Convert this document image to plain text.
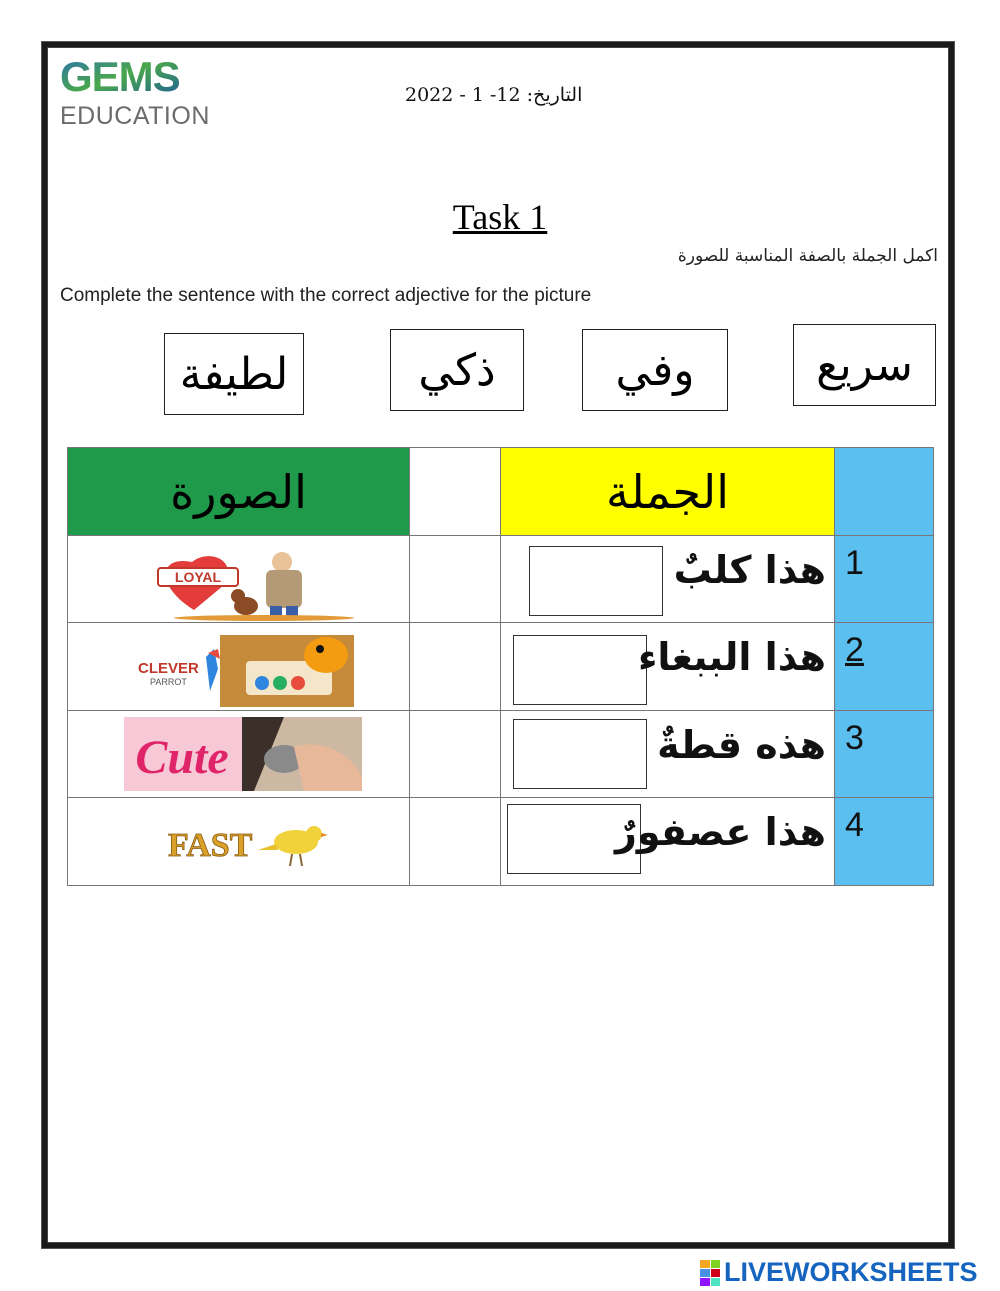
GEMS
EDUCATION
التاريخ: 12- 1 - 2022
Task 1
اكمل الجملة بالصفة المناسبة للصورة
Complete the sentence with the correct adjective for the picture
لطيفة	ذكي	وفي	سريع
الصورة		الجملة	

LOYAL		هذا كلبٌ	1

CLEVER
PARROT		هذا الببغاء	2

Cute		هذه قطةٌ	3

FAST		هذا عصفورٌ	4
LIVEWORKSHEETS
